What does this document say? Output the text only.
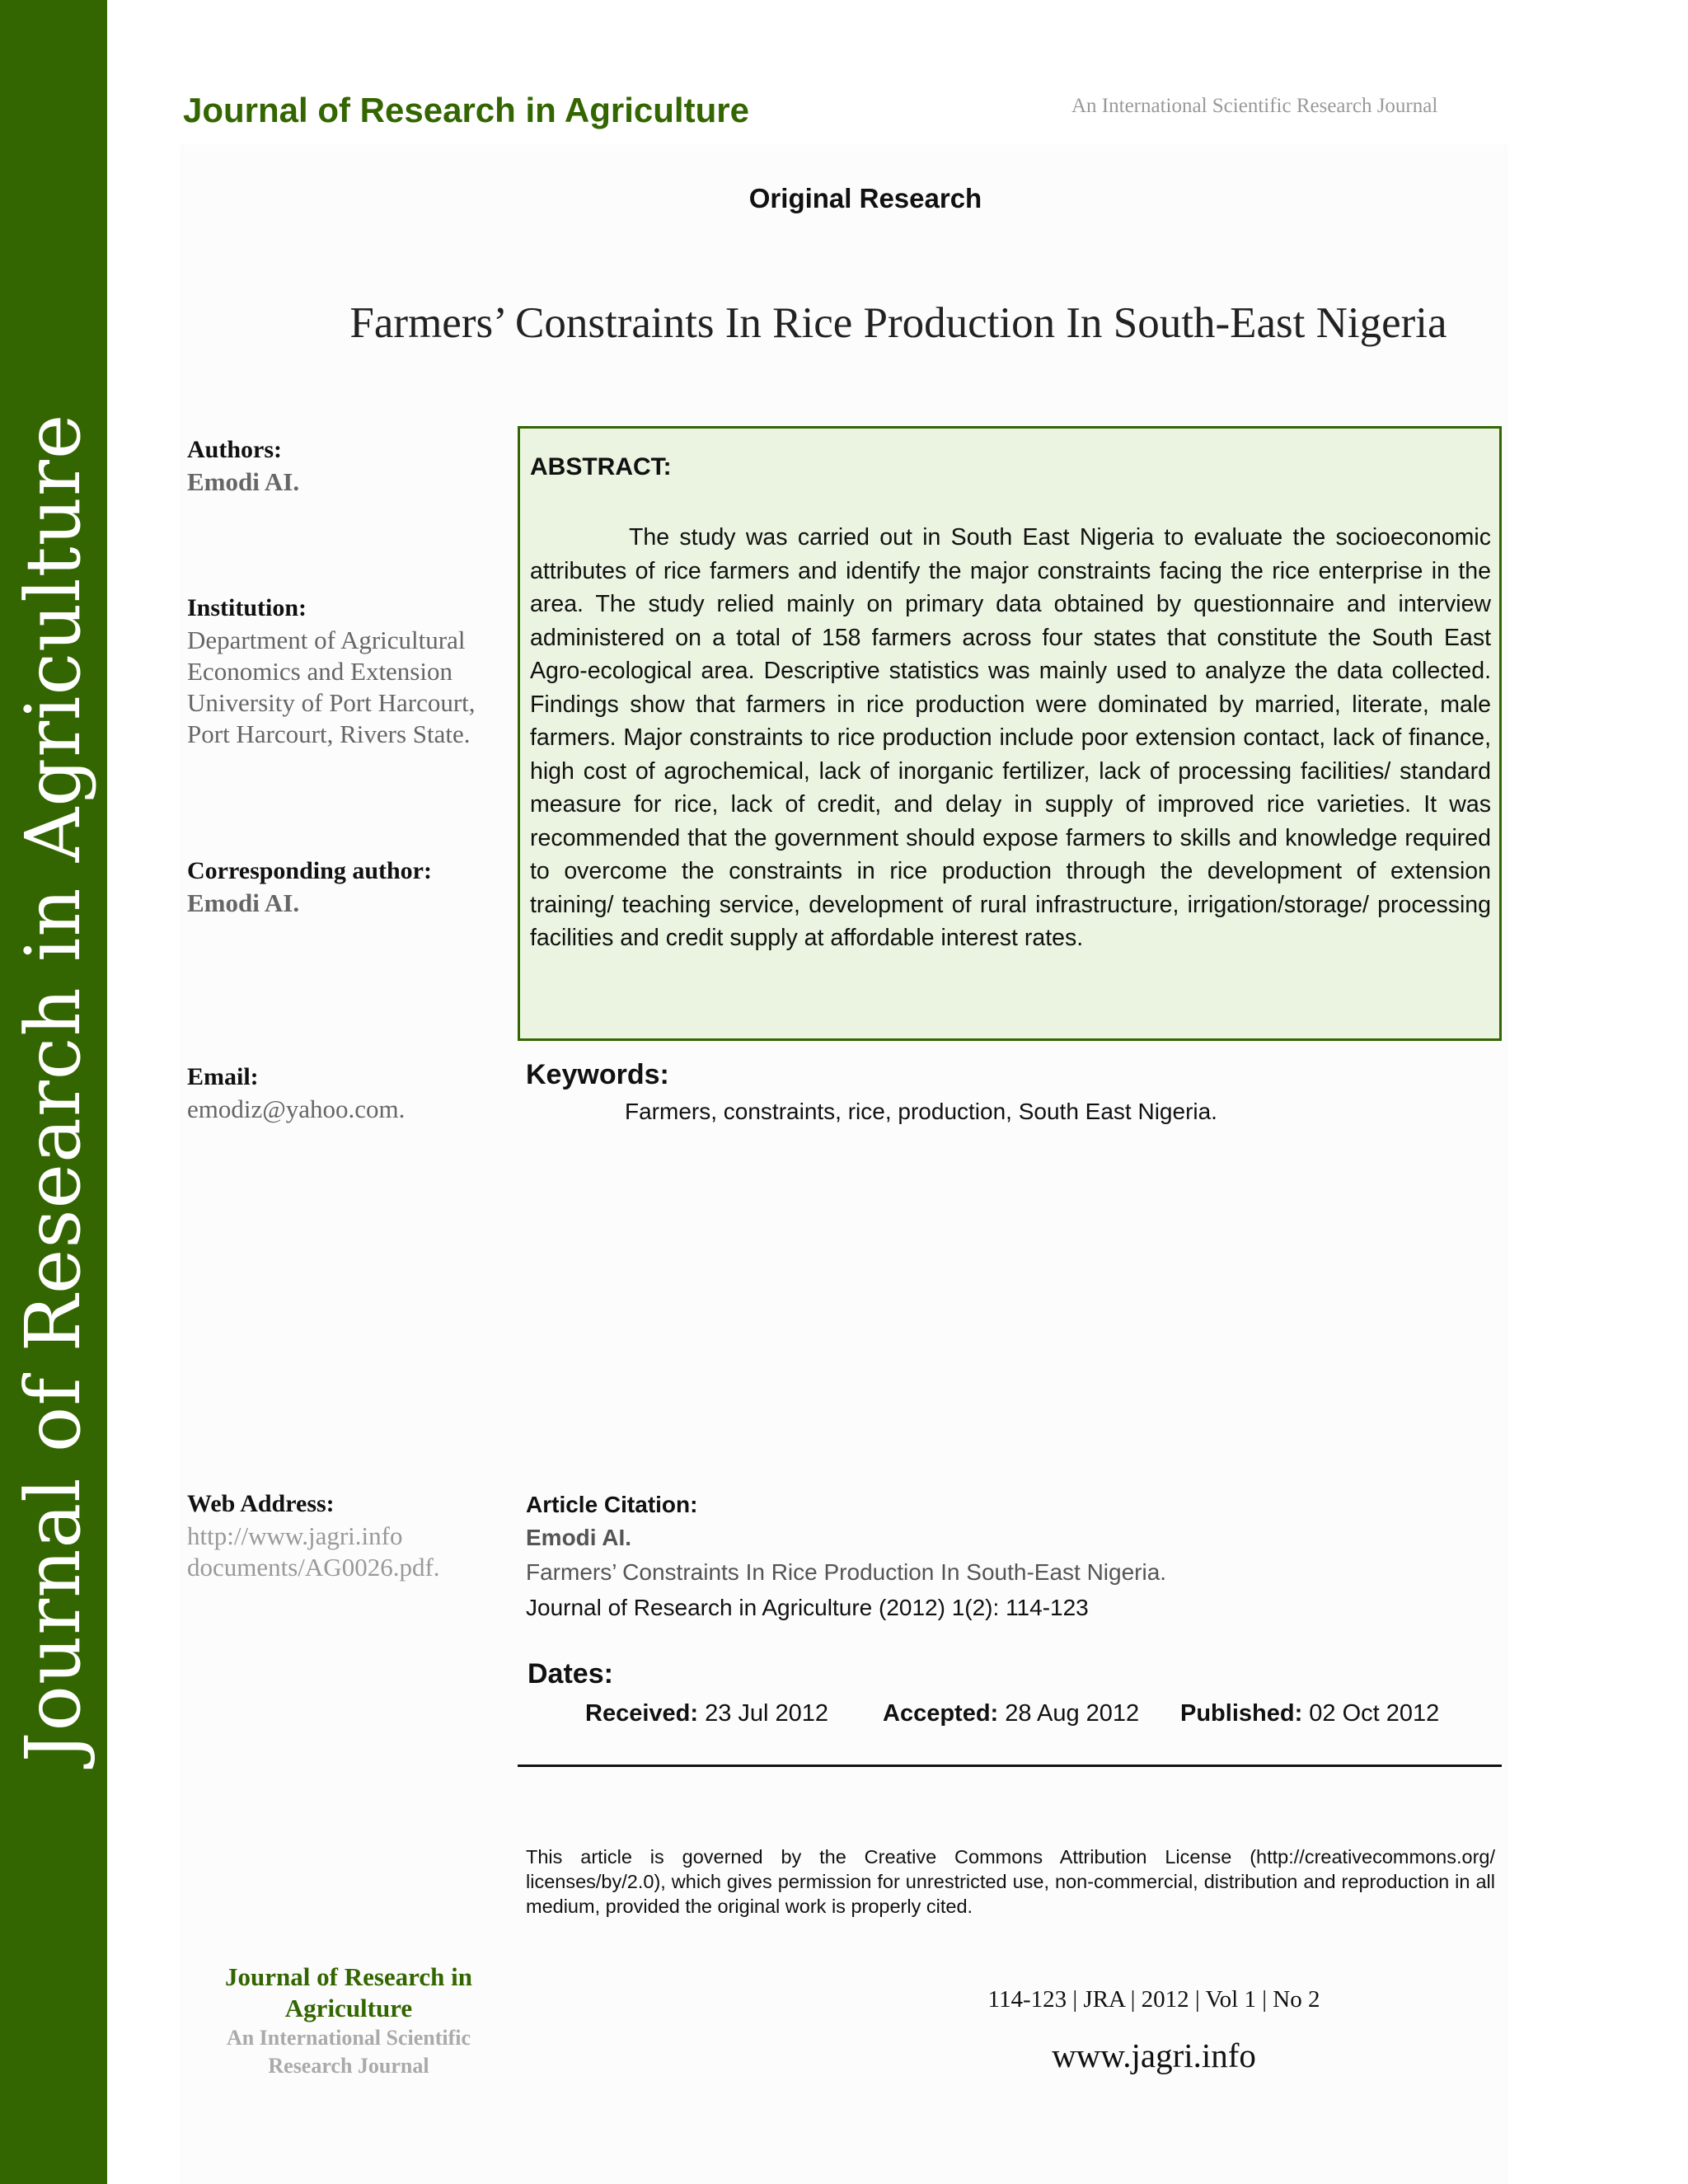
Journal of Research in Agriculture
Journal of Research in Agriculture	An International Scientific Research Journal
Original Research
Farmers’ Constraints In Rice Production In South-East Nigeria
Authors:
Emodi AI.
Institution:
Department of Agricultural
Economics and Extension
University of Port Harcourt,
Port Harcourt, Rivers State.
Corresponding author:
Emodi AI.
Email:
emodiz@yahoo.com.
Web Address:
http://www.jagri.info
documents/AG0026.pdf.
ABSTRACT:
The study was carried out in South East Nigeria to evaluate the socioeconomic attributes of rice farmers and identify the major constraints facing the rice enterprise in the area. The study relied mainly on primary data obtained by questionnaire and interview administered on a total of 158 farmers across four states that constitute the South East Agro-ecological area. Descriptive statistics was mainly used to analyze the data collected. Findings show that farmers in rice production were dominated by married, literate, male farmers. Major constraints to rice production include poor extension contact, lack of finance, high cost of agrochemical, lack of inorganic fertilizer, lack of processing facilities/ standard measure for rice, lack of credit, and delay in supply of improved rice varieties. It was recommended that the government should expose farmers to skills and knowledge required to overcome the constraints in rice production through the development of extension training/ teaching service, development of rural infrastructure, irrigation/storage/ processing facilities and credit supply at affordable interest rates.
Keywords:
Farmers, constraints, rice, production, South East Nigeria.
Article Citation:
Emodi AI.
Farmers’ Constraints In Rice Production In South-East Nigeria.
Journal of Research in Agriculture (2012) 1(2): 114-123
Dates:
Received: 23 Jul 2012 Accepted: 28 Aug 2012 Published: 02 Oct 2012
This article is governed by the Creative Commons Attribution License (http://creativecommons.org/ licenses/by/2.0), which gives permission for unrestricted use, non-commercial, distribution and reproduction in all medium, provided the original work is properly cited.
Journal of Research in
Agriculture
An International Scientific
Research Journal
114-123 | JRA | 2012 | Vol 1 | No 2
www.jagri.info
